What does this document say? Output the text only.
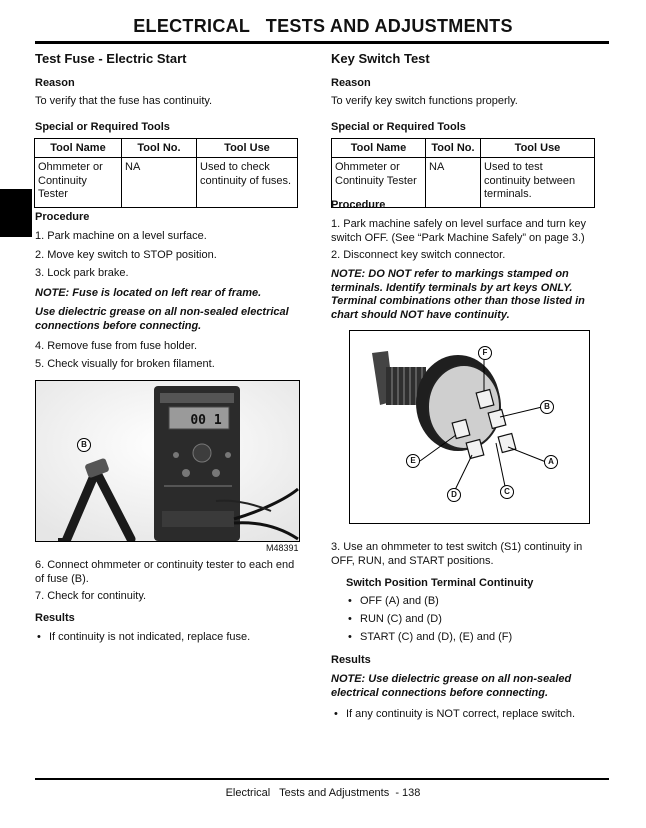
ELECTRICAL   TESTS AND ADJUSTMENTS
Test Fuse - Electric Start
Reason
To verify that the fuse has continuity.
Special or Required Tools
Tool Name	Tool No.	Tool Use
Ohmmeter or Continuity Tester	NA	Used to check continuity of fuses.
Procedure
1. Park machine on a level surface.
2. Move key switch to STOP position.
3. Lock park brake.
NOTE: Fuse is located on left rear of frame.
Use dielectric grease on all non-sealed electrical connections before connecting.
4. Remove fuse from fuse holder.
5. Check visually for broken filament.
00 1
B
M48391
6. Connect ohmmeter or continuity tester to each end of fuse (B).
7. Check for continuity.
Results
• If continuity is not indicated, replace fuse.
Key Switch Test
Reason
To verify key switch functions properly.
Special or Required Tools
Tool Name	Tool No.	Tool Use
Ohmmeter or Continuity Tester	NA	Used to test continuity between terminals.
Procedure
1. Park machine safely on level surface and turn key switch OFF. (See “Park Machine Safely” on page 3.)
2. Disconnect key switch connector.
NOTE: DO NOT refer to markings stamped on terminals. Identify terminals by art keys ONLY. Terminal combinations other than those listed in chart should NOT have continuity.
F
B
E	A
D	C
3. Use an ohmmeter to test switch (S1) continuity in OFF, RUN, and START positions.
Switch Position Terminal Continuity
• OFF (A) and (B)
• RUN (C) and (D)
• START (C) and (D), (E) and (F)
Results
NOTE: Use dielectric grease on all non-sealed electrical connections before connecting.
• If any continuity is NOT correct, replace switch.
Electrical   Tests and Adjustments  - 138
